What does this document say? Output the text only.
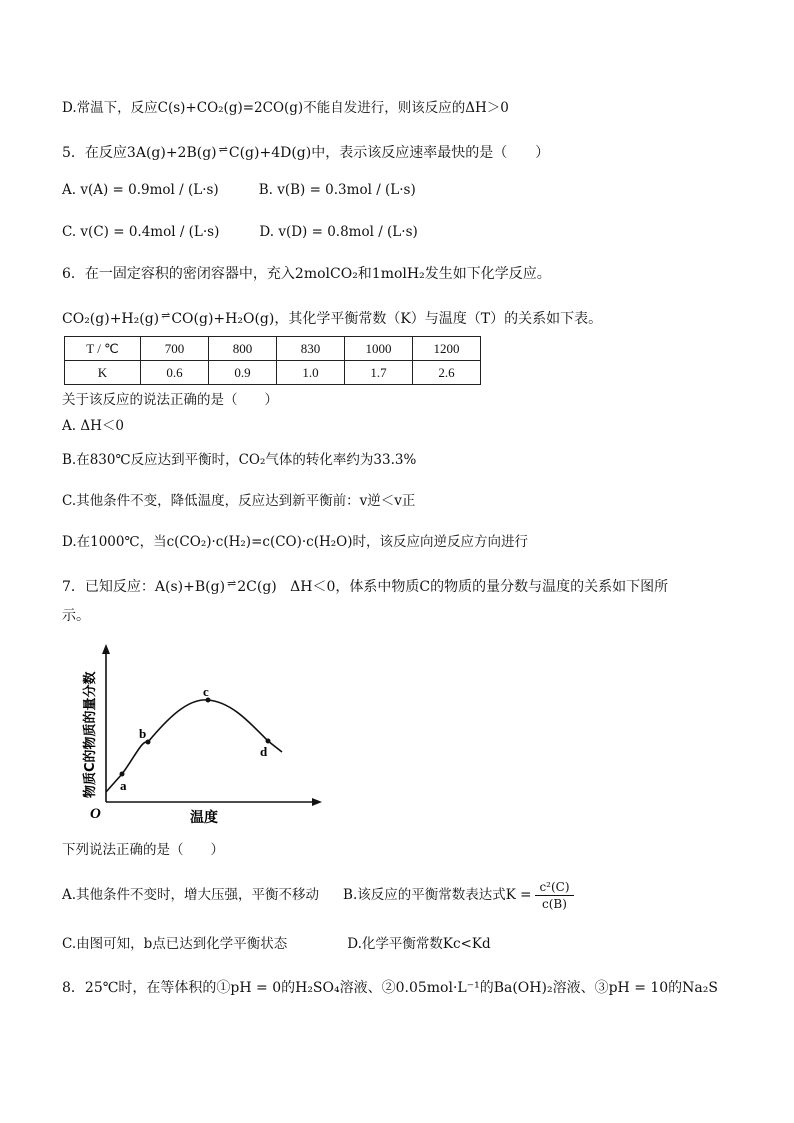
D.常温下，反应C(s)+CO₂(g)=2CO(g)不能自发进行，则该反应的ΔH＞0
5．在反应3A(g)+2B(g) ⇌ C(g)+4D(g)中，表示该反应速率最快的是（　　）
A. v(A) = 0.9mol / (L·s)	B. v(B) = 0.3mol / (L·s)
C. v(C) = 0.4mol / (L·s)	D. v(D) = 0.8mol / (L·s)
6．在一固定容积的密闭容器中，充入2molCO₂和1molH₂发生如下化学反应。
CO₂(g)+H₂(g) ⇌ CO(g)+H₂O(g)，其化学平衡常数（K）与温度（T）的关系如下表。
T / ℃	700	800	830	1000	1200
K	0.6	0.9	1.0	1.7	2.6
关于该反应的说法正确的是（　　）
A. ΔH＜0
B.在830℃反应达到平衡时，CO₂气体的转化率约为33.3%
C.其他条件不变，降低温度，反应达到新平衡前：v逆＜v正
D.在1000℃，当c(CO₂)·c(H₂)=c(CO)·c(H₂O)时，该反应向逆反应方向进行
7．已知反应：A(s)+B(g) ⇌ 2C(g) ΔH＜0，体系中物质C的物质的量分数与温度的关系如下图所
示。
a
b
c
d
O	温度
物质C的物质的量分数
下列说法正确的是（　　）
A.其他条件不变时，增大压强，平衡不移动 B.该反应的平衡常数表达式$K = \frac{\text{c²(C)}}{c(B)}$
C.由图可知，b点已达到化学平衡状态	D.化学平衡常数Kc<Kd
8．25℃时，在等体积的①pH = 0的H₂SO₄溶液、②0.05mol·L⁻¹的Ba(OH)₂溶液、③pH = 10的Na₂S
